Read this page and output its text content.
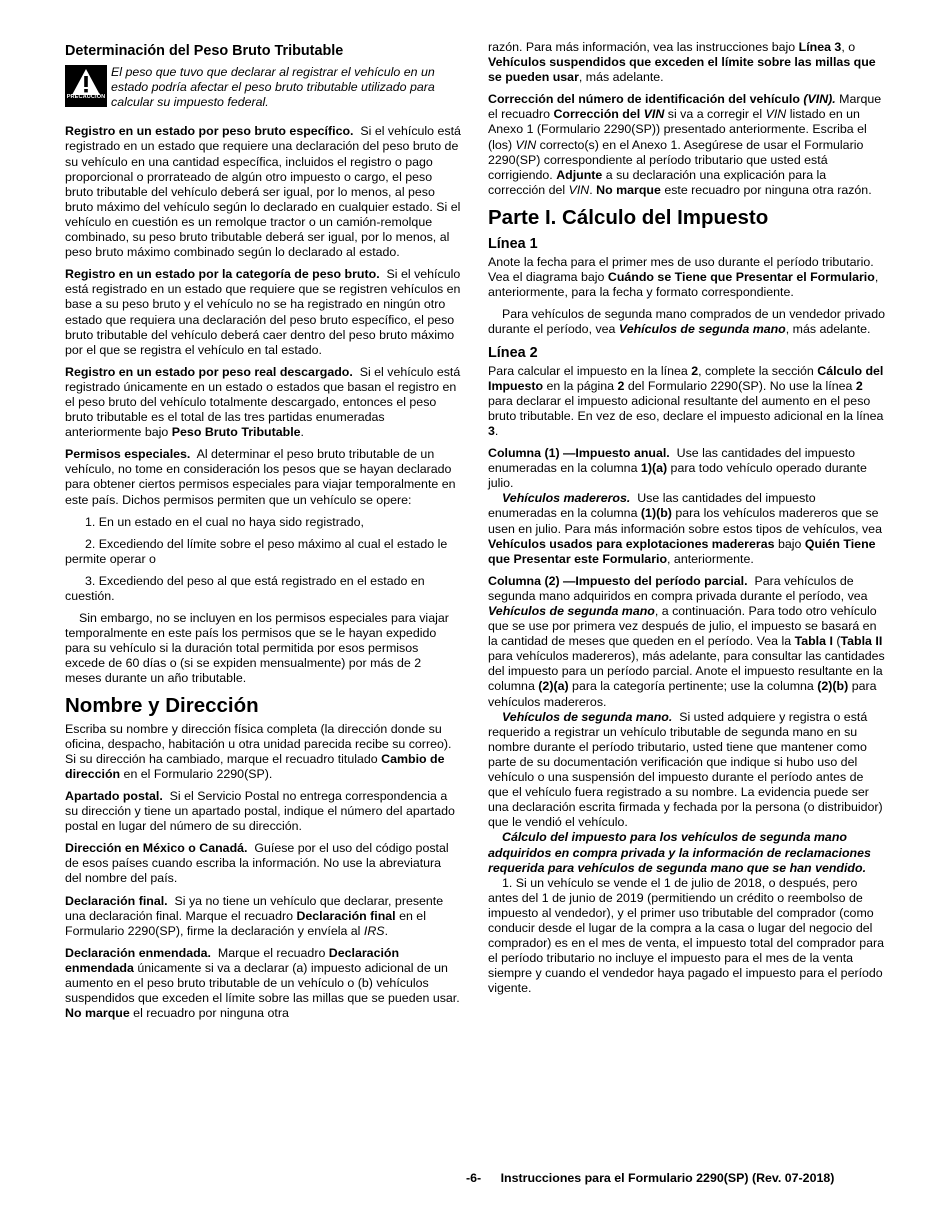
Determinación del Peso Bruto Tributable
PRECAUCIÓN
El peso que tuvo que declarar al registrar el vehículo en un estado podría afectar el peso bruto tributable utilizado para calcular su impuesto federal.

Registro en un estado por peso bruto específico. Si el vehículo está registrado en un estado que requiere una declaración del peso bruto de su vehículo en una cantidad específica, incluidos el registro o pago proporcional o prorrateado de algún otro impuesto o cargo, el peso bruto tributable del vehículo deberá ser igual, por lo menos, al peso bruto máximo del vehículo según lo declarado en cualquier estado. Si el vehículo en cuestión es un remolque tractor o un camión-remolque combinado, su peso bruto tributable deberá ser igual, por lo menos, al peso bruto máximo combinado según lo declarado al estado.

Registro en un estado por la categoría de peso bruto. Si el vehículo está registrado en un estado que requiere que se registren vehículos en base a su peso bruto y el vehículo no se ha registrado en ningún otro estado que requiera una declaración del peso bruto específico, el peso bruto tributable del vehículo deberá caer dentro del peso bruto máximo por el que se registra el vehículo en tal estado.

Registro en un estado por peso real descargado. Si el vehículo está registrado únicamente en un estado o estados que basan el registro en el peso bruto del vehículo totalmente descargado, entonces el peso bruto tributable es el total de las tres partidas enumeradas anteriormente bajo Peso Bruto Tributable.

Permisos especiales. Al determinar el peso bruto tributable de un vehículo, no tome en consideración los pesos que se hayan declarado para obtener ciertos permisos especiales para viajar temporalmente en este país. Dichos permisos permiten que un vehículo se opere:

1. En un estado en el cual no haya sido registrado,

2. Excediendo del límite sobre el peso máximo al cual el estado le permite operar o

3. Excediendo del peso al que está registrado en el estado en cuestión.

Sin embargo, no se incluyen en los permisos especiales para viajar temporalmente en este país los permisos que se le hayan expedido para su vehículo si la duración total permitida por esos permisos excede de 60 días o (si se expiden mensualmente) por más de 2 meses durante un año tributable.

Nombre y Dirección

Escriba su nombre y dirección física completa (la dirección donde su oficina, despacho, habitación u otra unidad parecida recibe su correo). Si su dirección ha cambiado, marque el recuadro titulado Cambio de dirección en el Formulario 2290(SP).

Apartado postal. Si el Servicio Postal no entrega correspondencia a su dirección y tiene un apartado postal, indique el número del apartado postal en lugar del número de su dirección.

Dirección en México o Canadá. Guíese por el uso del código postal de esos países cuando escriba la información. No use la abreviatura del nombre del país.

Declaración final. Si ya no tiene un vehículo que declarar, presente una declaración final. Marque el recuadro Declaración final en el Formulario 2290(SP), firme la declaración y envíela al IRS.

Declaración enmendada. Marque el recuadro Declaración enmendada únicamente si va a declarar (a) impuesto adicional de un aumento en el peso bruto tributable de un vehículo o (b) vehículos suspendidos que exceden el límite sobre las millas que se pueden usar. No marque el recuadro por ninguna otra

razón. Para más información, vea las instrucciones bajo Línea 3, o Vehículos suspendidos que exceden el límite sobre las millas que se pueden usar, más adelante.

Corrección del número de identificación del vehículo (VIN). Marque el recuadro Corrección del VIN si va a corregir el VIN listado en un Anexo 1 (Formulario 2290(SP)) presentado anteriormente. Escriba el (los) VIN correcto(s) en el Anexo 1. Asegúrese de usar el Formulario 2290(SP) correspondiente al período tributario que usted está corrigiendo. Adjunte a su declaración una explicación para la corrección del VIN. No marque este recuadro por ninguna otra razón.

Parte I. Cálculo del Impuesto
Línea 1

Anote la fecha para el primer mes de uso durante el período tributario. Vea el diagrama bajo Cuándo se Tiene que Presentar el Formulario, anteriormente, para la fecha y formato correspondiente.

Para vehículos de segunda mano comprados de un vendedor privado durante el período, vea Vehículos de segunda mano, más adelante.

Línea 2

Para calcular el impuesto en la línea 2, complete la sección Cálculo del Impuesto en la página 2 del Formulario 2290(SP). No use la línea 2 para declarar el impuesto adicional resultante del aumento en el peso bruto tributable. En vez de eso, declare el impuesto adicional en la línea 3.

Columna (1) —Impuesto anual. Use las cantidades del impuesto enumeradas en la columna 1)(a) para todo vehículo operado durante julio.

Vehículos madereros. Use las cantidades del impuesto enumeradas en la columna (1)(b) para los vehículos madereros que se usen en julio. Para más información sobre estos tipos de vehículos, vea Vehículos usados para explotaciones madereras bajo Quién Tiene que Presentar este Formulario, anteriormente.

Columna (2) —Impuesto del período parcial. Para vehículos de segunda mano adquiridos en compra privada durante el período, vea Vehículos de segunda mano, a continuación. Para todo otro vehículo que se use por primera vez después de julio, el impuesto se basará en la cantidad de meses que queden en el período. Vea la Tabla I (Tabla II para vehículos madereros), más adelante, para consultar las cantidades del impuesto para un período parcial. Anote el impuesto resultante en la columna (2)(a) para la categoría pertinente; use la columna (2)(b) para vehículos madereros.

Vehículos de segunda mano. Si usted adquiere y registra o está requerido a registrar un vehículo tributable de segunda mano en su nombre durante el período tributario, usted tiene que mantener como parte de su documentación verificación que indique si hubo uso del vehículo o una suspensión del impuesto durante el período antes de que el vehículo fuera registrado a su nombre. La evidencia puede ser una declaración escrita firmada y fechada por la persona (o distribuidor) que le vendió el vehículo.

Cálculo del impuesto para los vehículos de segunda mano adquiridos en compra privada y la información de reclamaciones requerida para vehículos de segunda mano que se han vendido.

1. Si un vehículo se vende el 1 de julio de 2018, o después, pero antes del 1 de junio de 2019 (permitiendo un crédito o reembolso de impuesto al vendedor), y el primer uso tributable del comprador (como conducir desde el lugar de la compra a la casa o lugar del negocio del comprador) es en el mes de venta, el impuesto total del comprador para el período tributario no incluye el impuesto para el mes de la venta siempre y cuando el vendedor haya pagado el impuesto para el período vigente.

-6- Instrucciones para el Formulario 2290(SP) (Rev. 07-2018)
